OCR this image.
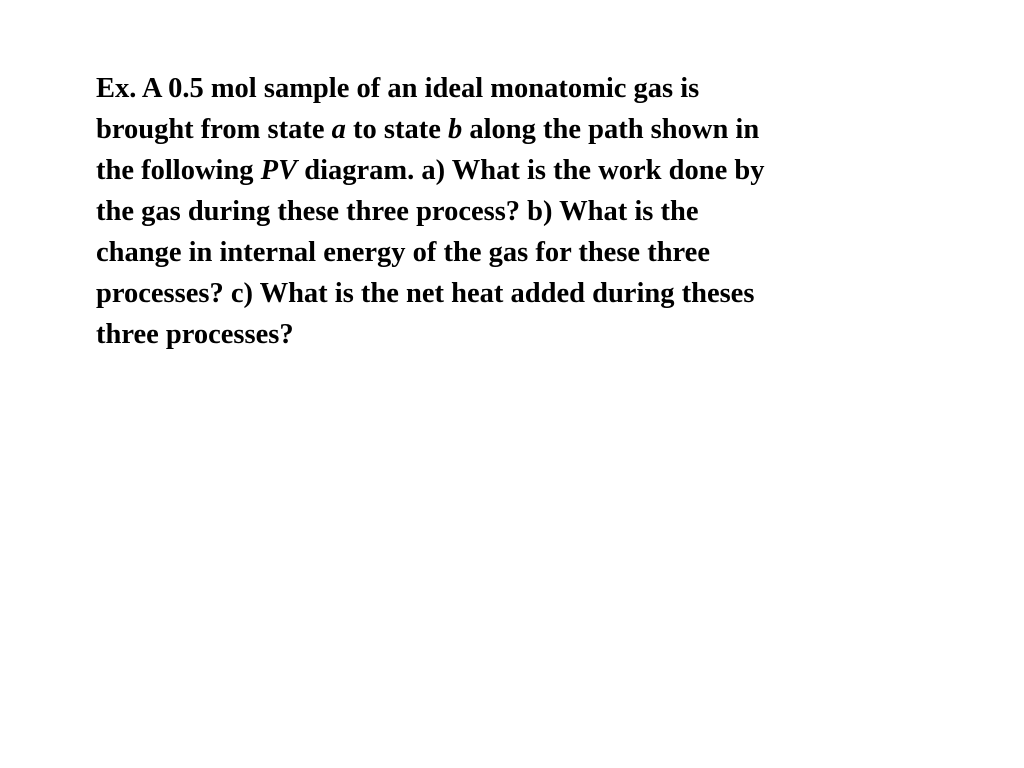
Ex. A 0.5 mol sample of an ideal monatomic gas is
brought from state a to state b along the path shown in
the following PV diagram. a) What is the work done by
the gas during these three process? b) What is the
change in internal energy of the gas for these three
processes? c) What is the net heat added during theses
three processes?
